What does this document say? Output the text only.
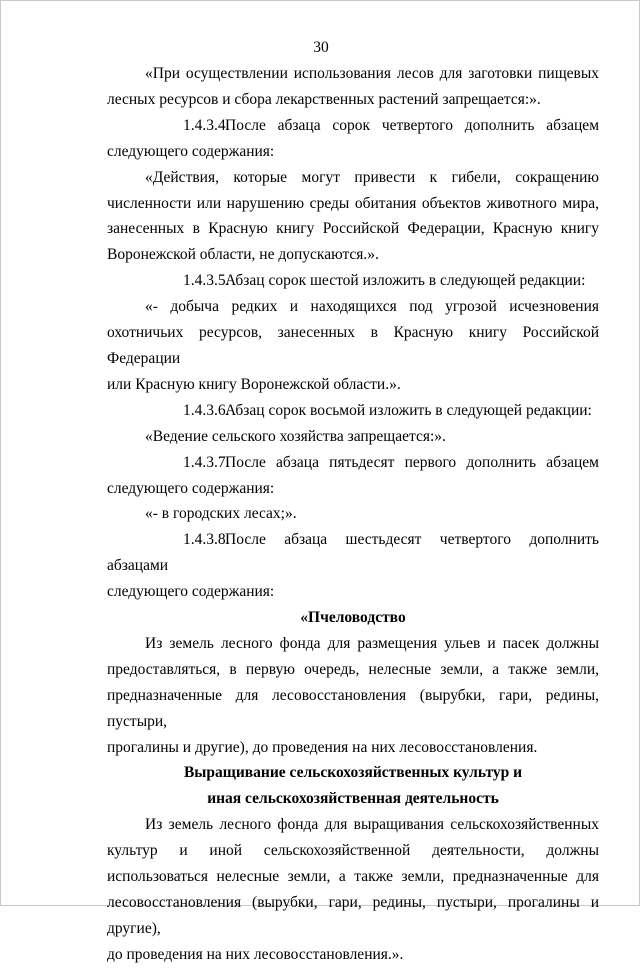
30

«При осуществлении использования лесов для заготовки пищевых

лесных ресурсов и сбора лекарственных растений запрещается:».

1.4.3.4.После абзаца сорок четвертого дополнить абзацем

следующего содержания:

«Действия, которые могут привести к гибели, сокращению

численности или нарушению среды обитания объектов животного мира,

занесенных в Красную книгу Российской Федерации, Красную книгу

Воронежской области, не допускаются.».

1.4.3.5.Абзац сорок шестой изложить в следующей редакции:

«- добыча редких и находящихся под угрозой исчезновения

охотничьих ресурсов, занесенных в Красную книгу Российской Федерации

или Красную книгу Воронежской области.».

1.4.3.6.Абзац сорок восьмой изложить в следующей редакции:

«Ведение сельского хозяйства запрещается:».

1.4.3.7.После абзаца пятьдесят первого дополнить абзацем

следующего содержания:

«- в городских лесах;».

1.4.3.8.После абзаца шестьдесят четвертого дополнить абзацами

следующего содержания:

«Пчеловодство

Из земель лесного фонда для размещения ульев и пасек должны

предоставляться, в первую очередь, нелесные земли, а также земли,

предназначенные для лесовосстановления (вырубки, гари, редины, пустыри,

прогалины и другие), до проведения на них лесовосстановления.

Выращивание сельскохозяйственных культур и

иная сельскохозяйственная деятельность

Из земель лесного фонда для выращивания сельскохозяйственных

культур и иной сельскохозяйственной деятельности, должны

использоваться нелесные земли, а также земли, предназначенные для

лесовосстановления (вырубки, гари, редины, пустыри, прогалины и другие),

до проведения на них лесовосстановления.».
